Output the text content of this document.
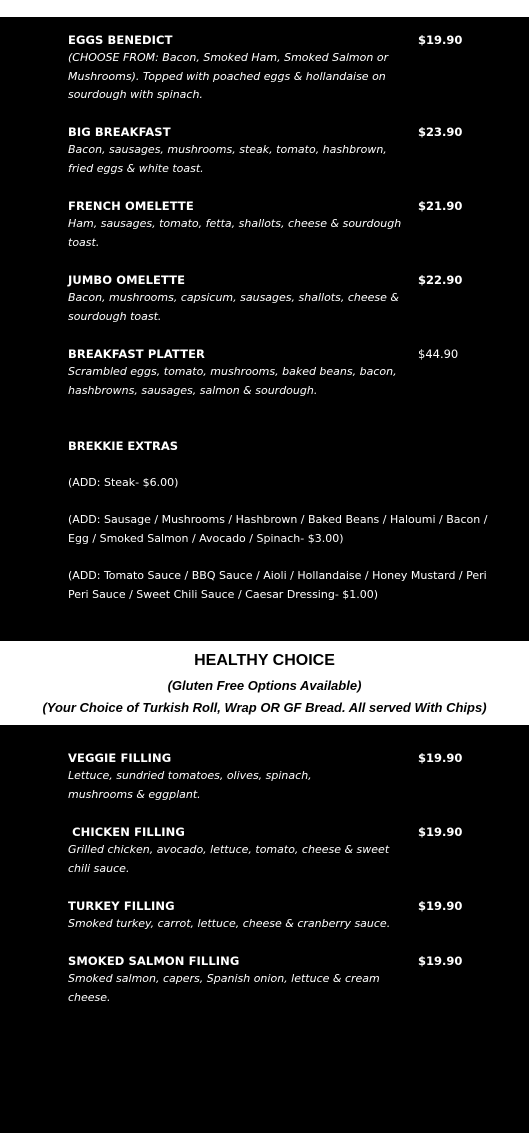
EGGS BENEDICT	$19.90
(CHOOSE FROM: Bacon, Smoked Ham, Smoked Salmon or Mushrooms). Topped with poached eggs & hollandaise on sourdough with spinach.
BIG BREAKFAST	$23.90
Bacon, sausages, mushrooms, steak, tomato, hashbrown, fried eggs & white toast.
FRENCH OMELETTE	$21.90
Ham, sausages, tomato, fetta, shallots, cheese & sourdough toast.
JUMBO OMELETTE	$22.90
Bacon, mushrooms, capsicum, sausages, shallots, cheese & sourdough toast.
BREAKFAST PLATTER	$44.90
Scrambled eggs, tomato, mushrooms, baked beans, bacon, hashbrowns, sausages, salmon & sourdough.
BREKKIE EXTRAS
(ADD: Steak- $6.00)
(ADD: Sausage / Mushrooms / Hashbrown / Baked Beans / Haloumi / Bacon / Egg / Smoked Salmon / Avocado / Spinach- $3.00)
(ADD: Tomato Sauce / BBQ Sauce / Aioli / Hollandaise / Honey Mustard / Peri Peri Sauce / Sweet Chili Sauce / Caesar Dressing- $1.00)
HEALTHY CHOICE
(Gluten Free Options Available)
(Your Choice of Turkish Roll, Wrap OR GF Bread. All served With Chips)
VEGGIE FILLING	$19.90
Lettuce, sundried tomatoes, olives, spinach, mushrooms & eggplant.
CHICKEN FILLING	$19.90
Grilled chicken, avocado, lettuce, tomato, cheese & sweet chili sauce.
TURKEY FILLING	$19.90
Smoked turkey, carrot, lettuce, cheese & cranberry sauce.
SMOKED SALMON FILLING	$19.90
Smoked salmon, capers, Spanish onion, lettuce & cream cheese.
